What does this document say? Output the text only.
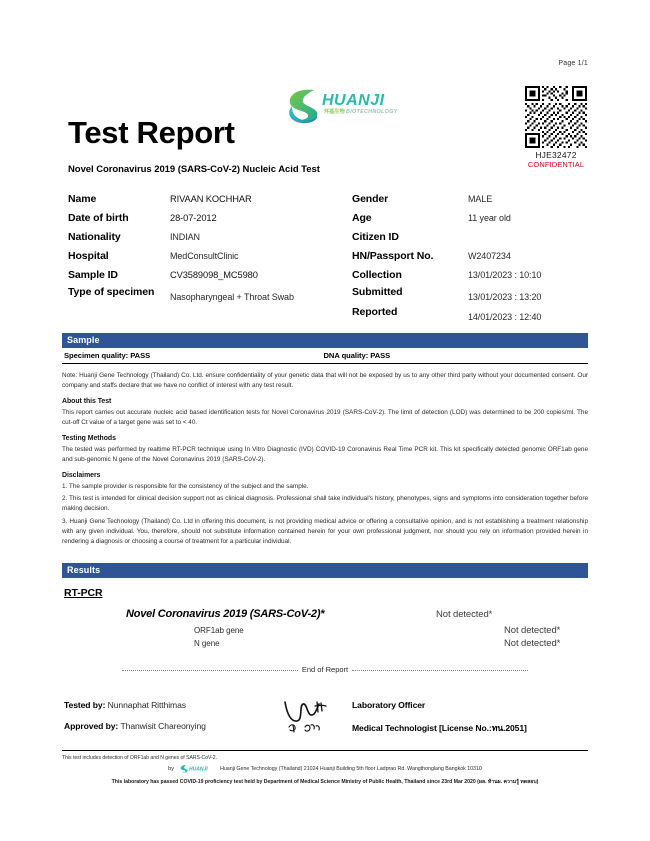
Page 1/1
HUANJI
环基生物 BIOTECHNOLOGY
HJE32472
CONFIDENTIAL
Test Report
Novel Coronavirus 2019 (SARS-CoV-2) Nucleic Acid Test
Name	RIVAAN KOCHHAR	Gender	MALE
Date of birth	28-07-2012	Age	11 year old
Nationality	INDIAN	Citizen ID
Hospital	MedConsultClinic	HN/Passport No.	W2407234
Sample ID	CV3589098_MC5980	Collection	13/01/2023 : 10:10
Type of specimen	Nasopharyngeal + Throat Swab	Submitted	13/01/2023 : 13:20
Reported	14/01/2023 : 12:40
Sample
Specimen quality: PASS	DNA quality: PASS

Note: Huanji Gene Technology (Thailand) Co. Ltd. ensure confidentiality of your genetic data that will not be exposed by us to any other third party without your documented consent. Our company and staffs declare that we have no conflict of interest with any test result.

About this Test

This report carries out accurate nucleic acid based identification tests for Novel Coronavirus 2019 (SARS-CoV-2). The limit of detection (LOD) was determined to be 200 copies/ml. The cut-off Ct value of a target gene was set to < 40.

Testing Methods

The tested was performed by realtime RT-PCR technique using In Vitro Diagnostic (IVD) COVID-19 Coronavirus Real Time PCR kit. This kit specifically detected genomic ORF1ab gene and sub-genomic N gene of the Novel Coronavirus 2019 (SARS-CoV-2).

Disclaimers

1. The sample provider is responsible for the consistency of the subject and the sample.

2. This test is intended for clinical decision support not as clinical diagnosis. Professional shall take individual's history, phenotypes, signs and symptoms into consideration together before making decision.

3. Huanji Gene Technology (Thailand) Co. Ltd in offering this document, is not providing medical advice or offering a consultative opinion, and is not establishing a treatment relationship with any given individual. You, therefore, should not substitute information contained herein for your own professional judgment, nor should you rely on information provided herein in rendering a diagnosis or choosing a course of treatment for a particular individual.

Results
RT-PCR
Novel Coronavirus 2019 (SARS-CoV-2)*	Not detected*
ORF1ab gene	Not detected*
N gene	Not detected*
End of Report
Tested by: Nunnaphat Ritthimas
Approved by: Thanwisit Chareonying
Laboratory Officer
Medical Technologist [License No.:ทน.2051]
This test includes detection of ORF1ab and N genes of SARS-CoV-2.
by	HUANJI Huanji Gene Technology (Thailand) 21024 Huanji Building 5th floor Ladprao Rd. Wangthonglang Bangkok 10310
This laboratory has passed COVID-19 proficiency test held by Department of Medical Science Ministry of Public Health, Thailand since 23rd Mar 2020 (ผล. ท้านผ. ความรู้ ทดสอบ)
